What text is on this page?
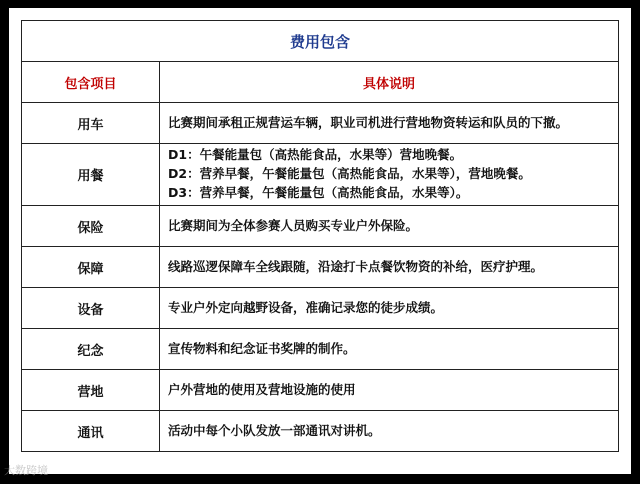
费用包含	
包含项目	具体说明
用车	比赛期间承租正规营运车辆，职业司机进行营地物资转运和队员的下撤。

用餐	D1：午餐能量包（高热能食品，水果等）营地晚餐。
D2：营养早餐，午餐能量包（高热能食品，水果等），营地晚餐。
D3：营养早餐，午餐能量包（高热能食品，水果等）。

保险	比赛期间为全体参赛人员购买专业户外保险。

保障	线路巡逻保障车全线跟随，沿途打卡点餐饮物资的补给，医疗护理。

设备	专业户外定向越野设备，准确记录您的徒步成绩。

纪念	宣传物料和纪念证书奖牌的制作。

营地	户外营地的使用及营地设施的使用

通讯	活动中每个小队发放一部通讯对讲机。
大数跨境
